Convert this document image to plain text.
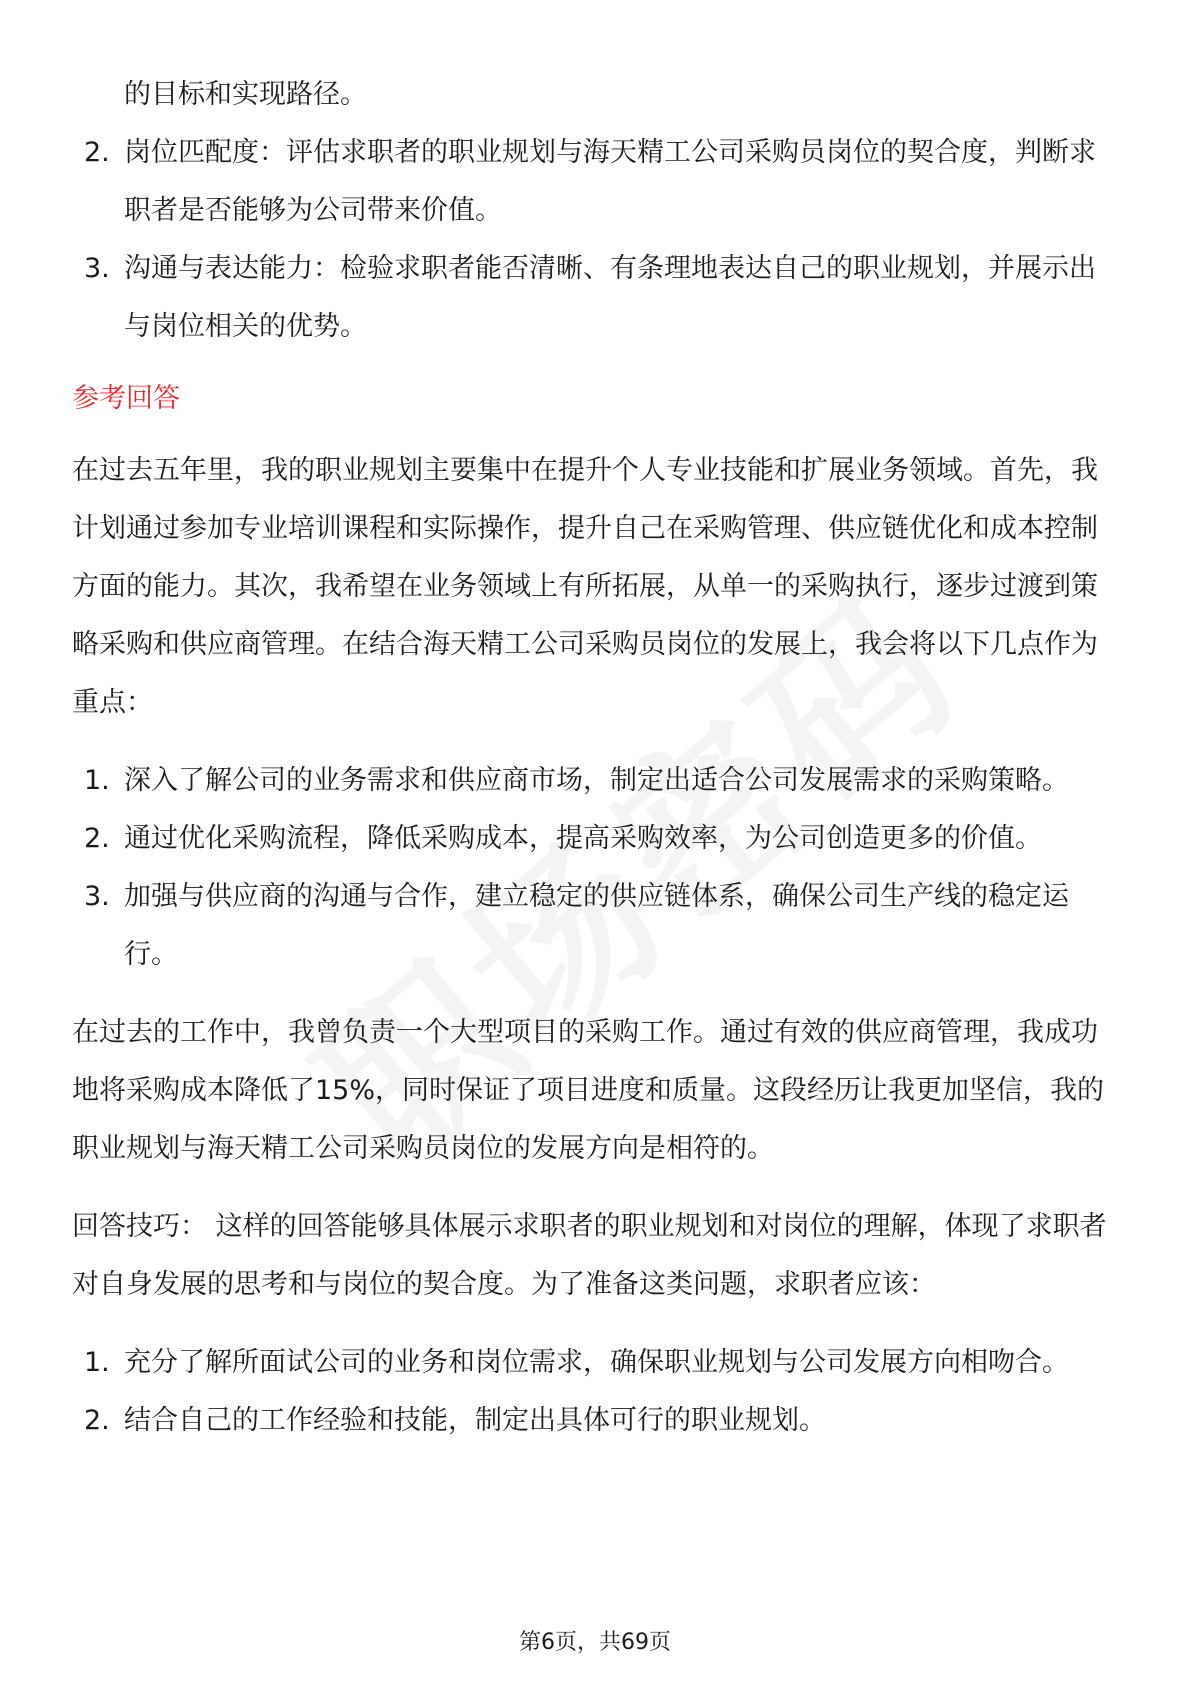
的目标和实现路径。
2. 岗位匹配度：评估求职者的职业规划与海天精工公司采购员岗位的契合度，判断求职者是否能够为公司带来价值。
3. 沟通与表达能力：检验求职者能否清晰、有条理地表达自己的职业规划，并展示出与岗位相关的优势。
参考回答

在过去五年里，我的职业规划主要集中在提升个人专业技能和扩展业务领域。首先，我计划通过参加专业培训课程和实际操作，提升自己在采购管理、供应链优化和成本控制方面的能力。其次，我希望在业务领域上有所拓展，从单一的采购执行，逐步过渡到策略采购和供应商管理。在结合海天精工公司采购员岗位的发展上，我会将以下几点作为重点：

1. 深入了解公司的业务需求和供应商市场，制定出适合公司发展需求的采购策略。
2. 通过优化采购流程，降低采购成本，提高采购效率，为公司创造更多的价值。
3. 加强与供应商的沟通与合作，建立稳定的供应链体系，确保公司生产线的稳定运行。

在过去的工作中，我曾负责一个大型项目的采购工作。通过有效的供应商管理，我成功地将采购成本降低了15%，同时保证了项目进度和质量。这段经历让我更加坚信，我的职业规划与海天精工公司采购员岗位的发展方向是相符的。

回答技巧： 这样的回答能够具体展示求职者的职业规划和对岗位的理解，体现了求职者对自身发展的思考和与岗位的契合度。为了准备这类问题，求职者应该：

1. 充分了解所面试公司的业务和岗位需求，确保职业规划与公司发展方向相吻合。
2. 结合自己的工作经验和技能，制定出具体可行的职业规划。
第6页，共69页
